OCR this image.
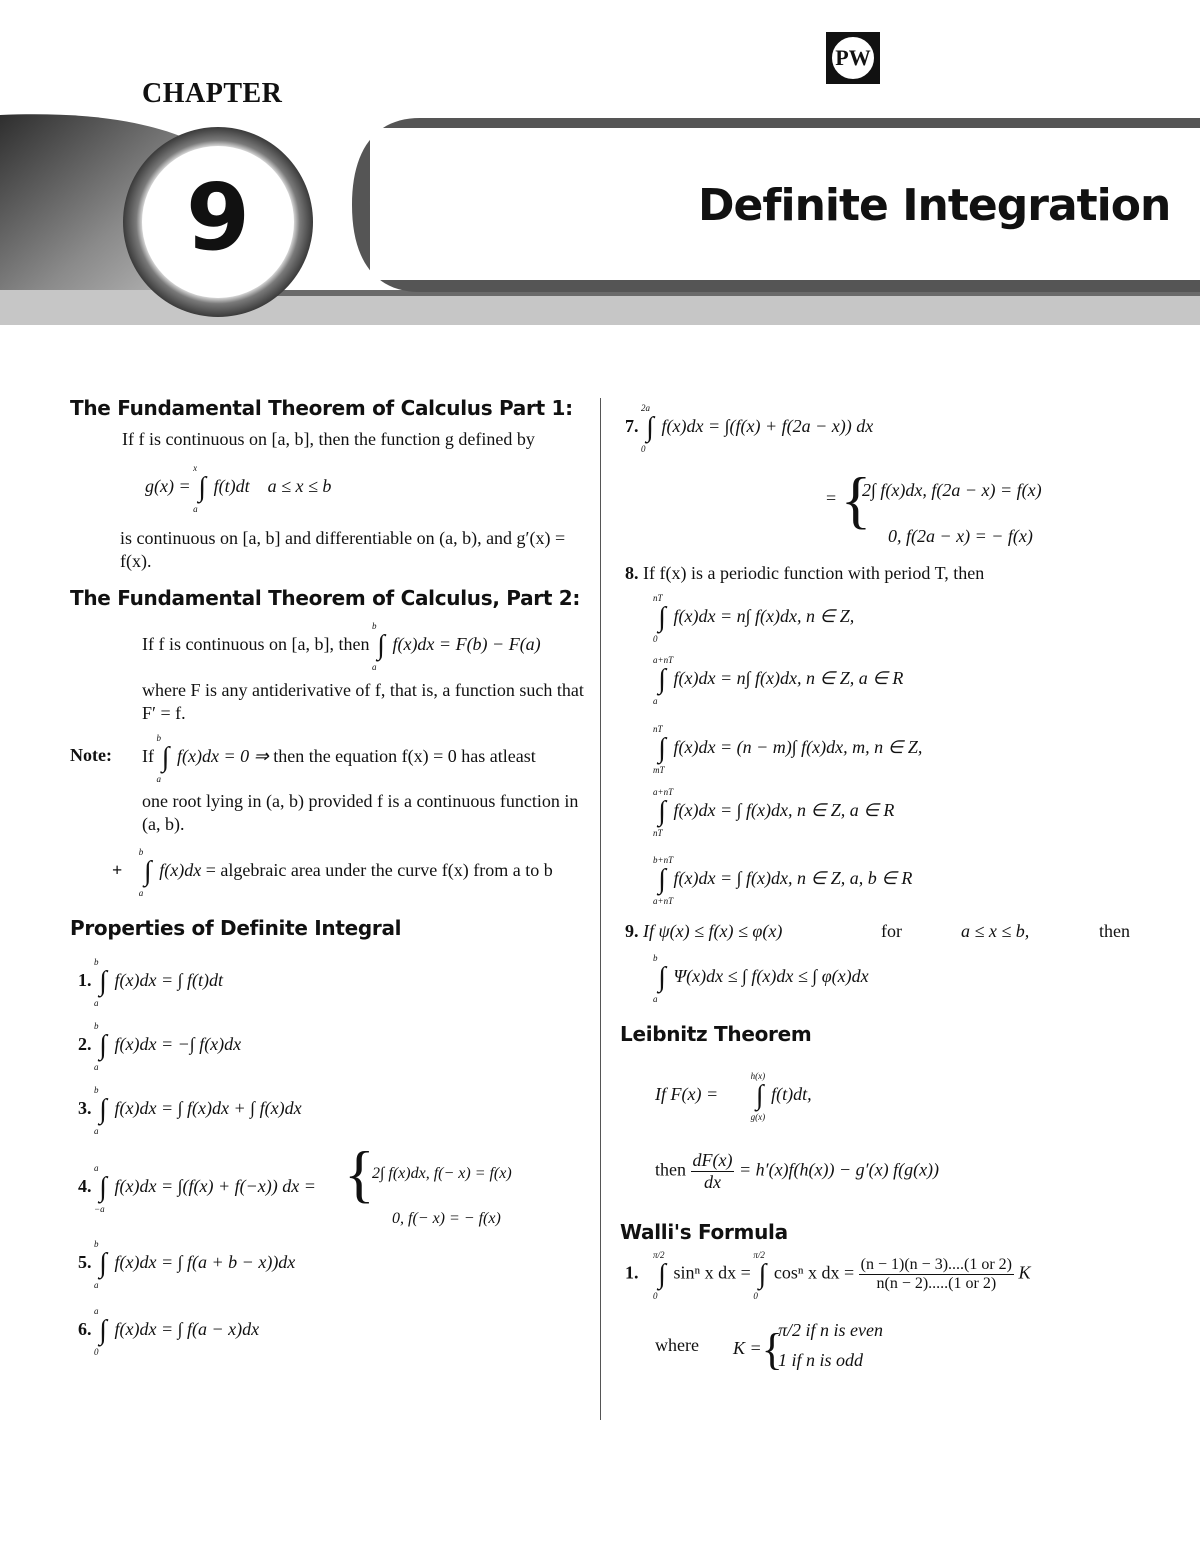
PW
CHAPTER
9	Definite Integration
The Fundamental Theorem of Calculus Part 1:
If f is continuous on [a, b], then the function g defined by
g(x) = ∫
x
a
f(t)dt    a ≤ x ≤ b
is continuous on [a, b] and differentiable on (a, b), and g′(x) = f(x).
The Fundamental Theorem of Calculus, Part 2:
If f is continuous on [a, b], then ∫
b
a
f(x)dx = F(b) − F(a)
where F is any antiderivative of f, that is, a function such that F′ = f.
Note: If ∫
b
a
f(x)dx = 0 ⇒ then the equation f(x) = 0 has atleast
one root lying in (a, b) provided f is a continuous function in (a, b).
+ ∫
b
a
f(x)dx = algebraic area under the curve f(x) from a to b
Properties of Definite Integral
1. ∫
b
a
f(x)dx = ∫ f(t)dt
2. ∫
b
a
f(x)dx = −∫ f(x)dx
3. ∫
b
a
f(x)dx = ∫ f(x)dx + ∫ f(x)dx
4. ∫
a
−a
f(x)dx = ∫(f(x) + f(−x)) dx = {
2∫ f(x)dx, f(− x) = f(x)
0, f(− x) = − f(x)
5. ∫
b
a
f(x)dx = ∫ f(a + b − x))dx
6. ∫
a
0
f(x)dx = ∫ f(a − x)dx
7. ∫
2a
0
f(x)dx = ∫(f(x) + f(2a − x)) dx
= {
2∫ f(x)dx, f(2a − x) = f(x)
0, f(2a − x) = − f(x)
8. If f(x) is a periodic function with period T, then
∫
nT
0
f(x)dx = n∫ f(x)dx, n ∈ Z,
∫
a+nT
a
f(x)dx = n∫ f(x)dx, n ∈ Z, a ∈ R
∫
nT
mT
f(x)dx = (n − m)∫ f(x)dx, m, n ∈ Z,
∫
a+nT
nT
f(x)dx = ∫ f(x)dx, n ∈ Z, a ∈ R
∫
b+nT
a+nT
f(x)dx = ∫ f(x)dx, n ∈ Z, a, b ∈ R
9. If ψ(x) ≤ f(x) ≤ φ(x)	for	a ≤ x ≤ b,	then
∫
b
a
Ψ(x)dx ≤ ∫ f(x)dx ≤ ∫ φ(x)dx
Leibnitz Theorem
If F(x) = ∫
h(x)
g(x)
f(t)dt,
then $\frac{dF(x)}{dx} = h'(x)f(h(x)) - g'(x)$ f(g(x))
Walli's Formula
1. ∫
π/2
0
sinⁿ x dx = ∫
π/2
0
cosⁿ x dx = $\frac{(n - 1)(n - 3)....(1 or 2)}{n(n - 2).....(1 or 2)}$ K
where K ={
π/2 if n is even
1 if n is odd
